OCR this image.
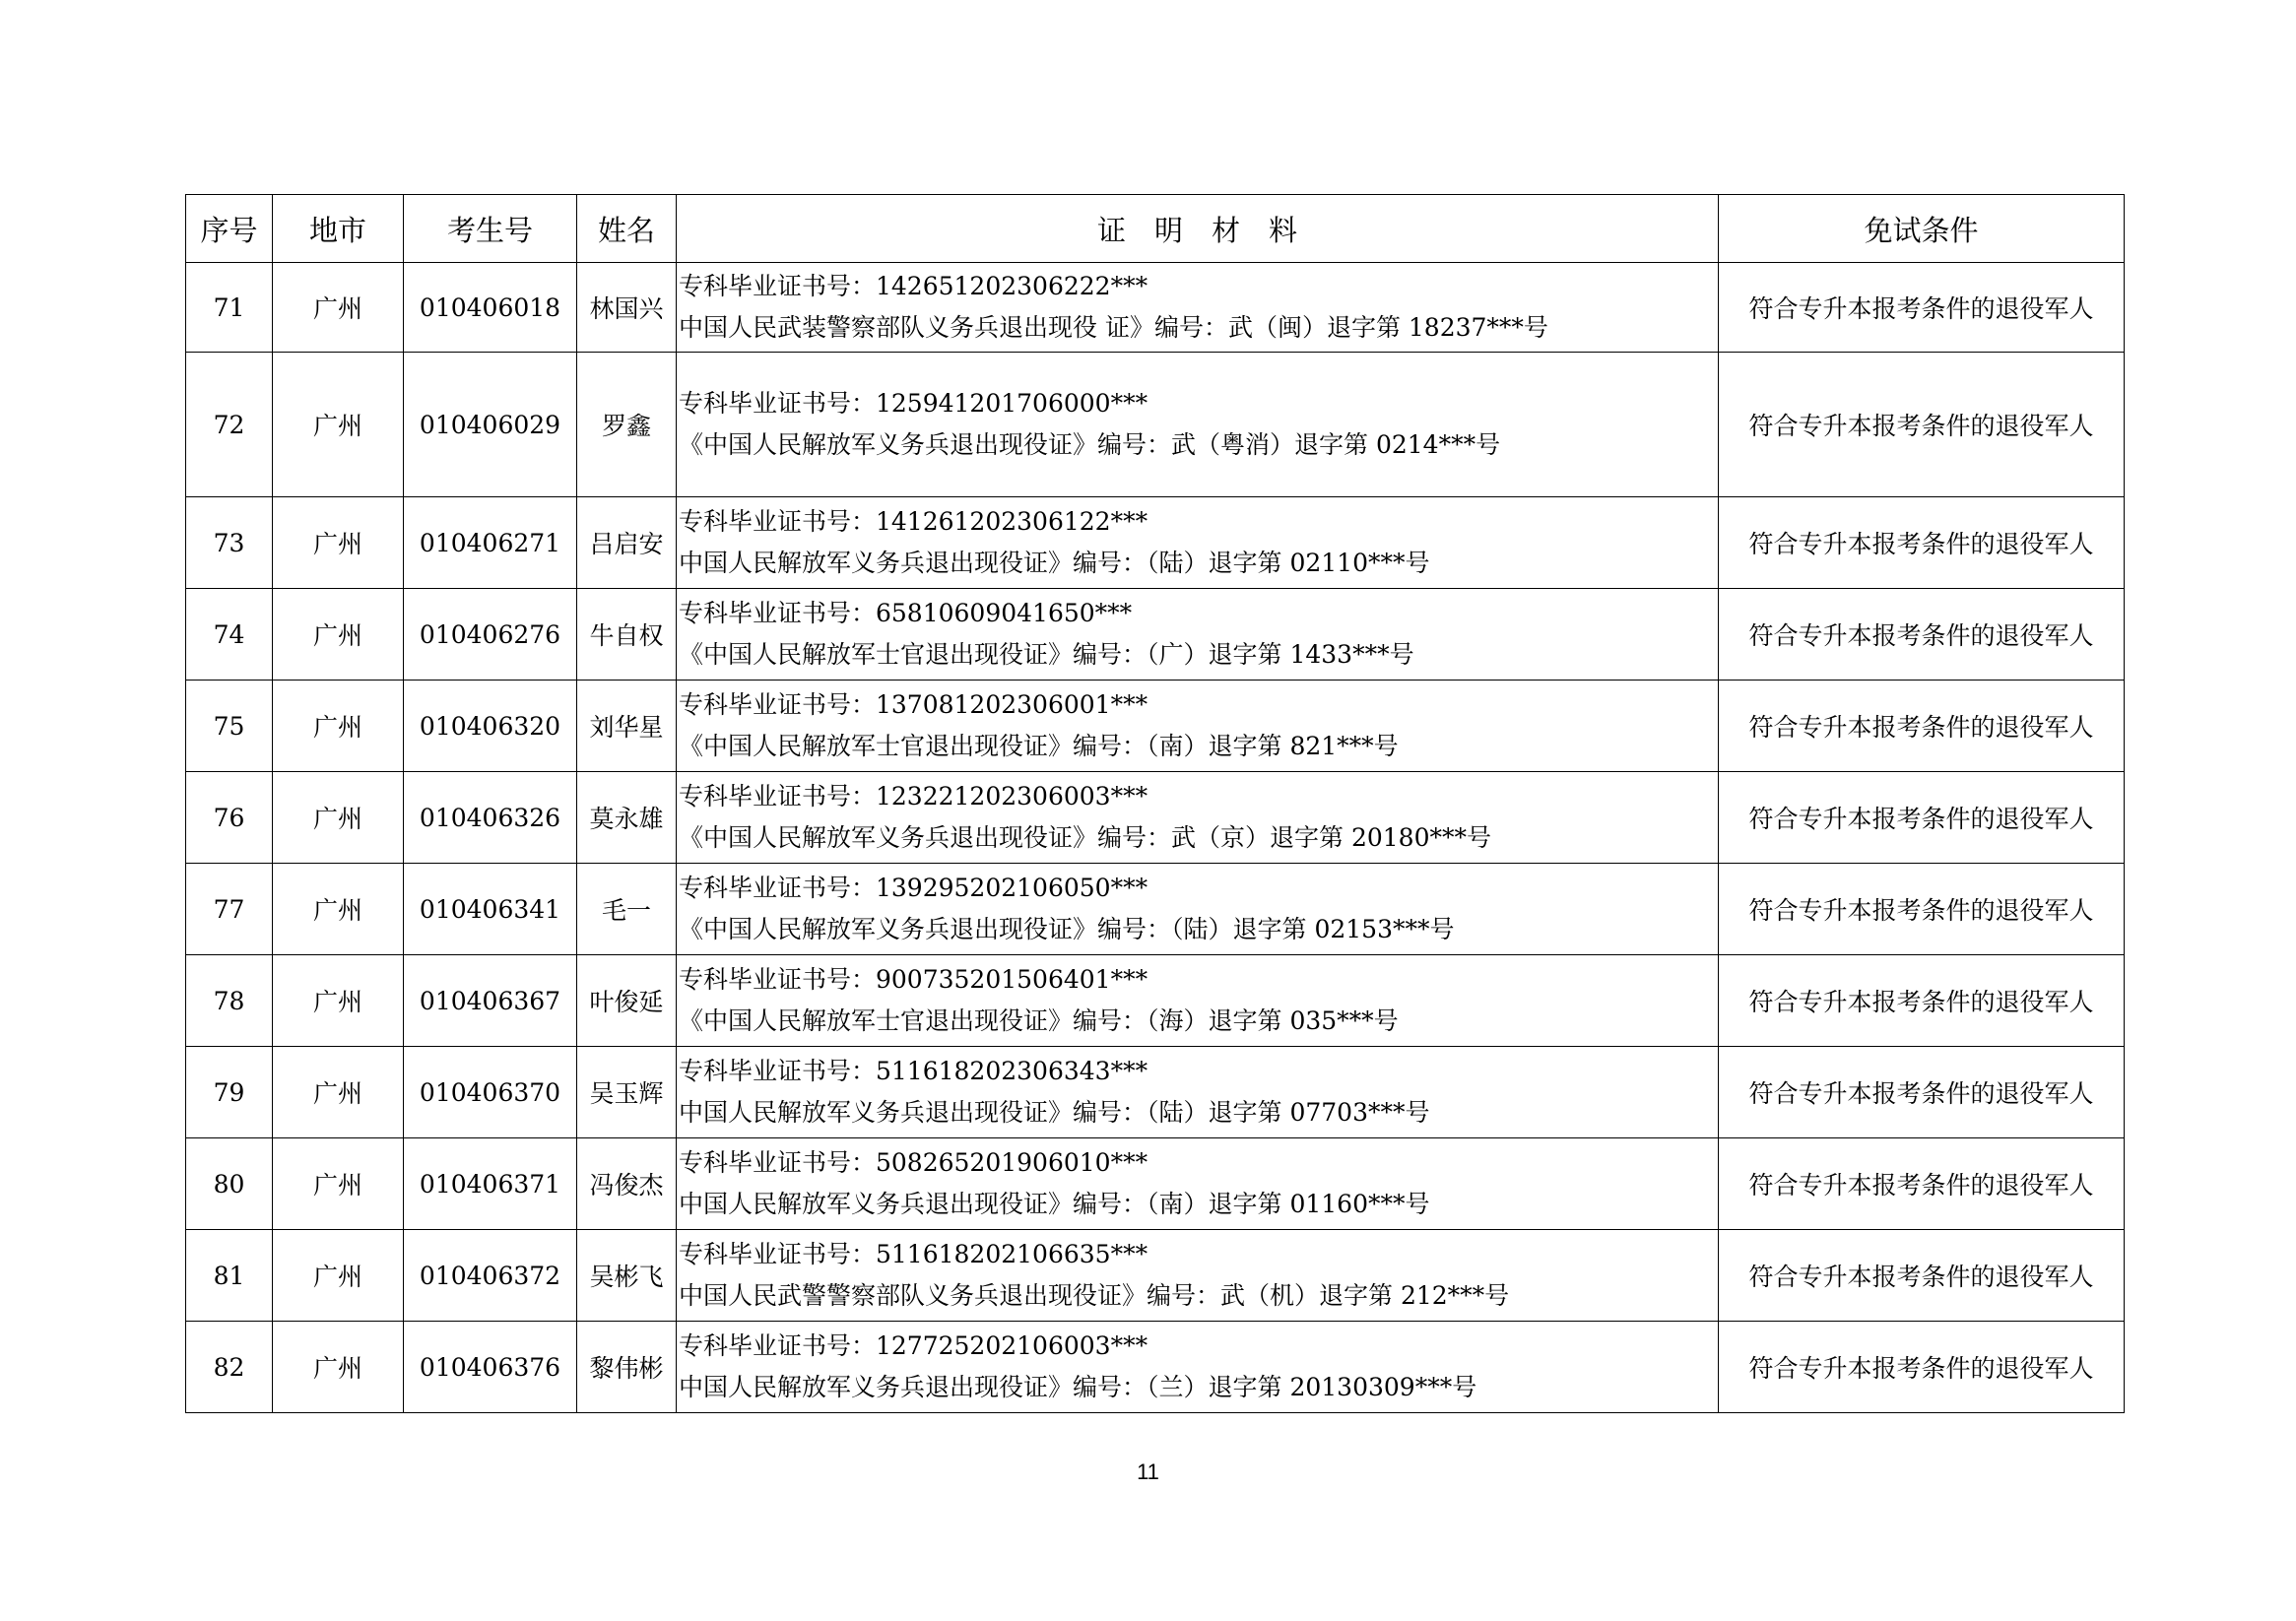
序号	地市	考生号	姓名	证　明　材　料	免试条件
71	广州	010406018	林国兴	专科毕业证书号：142651202306222***
中国人民武装警察部队义务兵退出现役 证》编号：武（闽）退字第 18237***号	符合专升本报考条件的退役军人
72	广州	010406029	罗鑫	专科毕业证书号：125941201706000***
《中国人民解放军义务兵退出现役证》编号：武（粤消）退字第 0214***号	符合专升本报考条件的退役军人
73	广州	010406271	吕启安	专科毕业证书号：141261202306122***
中国人民解放军义务兵退出现役证》编号：（陆）退字第 02110***号	符合专升本报考条件的退役军人
74	广州	010406276	牛自权	专科毕业证书号：65810609041650***
《中国人民解放军士官退出现役证》编号：（广）退字第 1433***号	符合专升本报考条件的退役军人
75	广州	010406320	刘华星	专科毕业证书号：137081202306001***
《中国人民解放军士官退出现役证》编号：（南）退字第 821***号	符合专升本报考条件的退役军人
76	广州	010406326	莫永雄	专科毕业证书号：123221202306003***
《中国人民解放军义务兵退出现役证》编号：武（京）退字第 20180***号	符合专升本报考条件的退役军人
77	广州	010406341	毛一	专科毕业证书号：139295202106050***
《中国人民解放军义务兵退出现役证》编号：（陆）退字第 02153***号	符合专升本报考条件的退役军人
78	广州	010406367	叶俊延	专科毕业证书号：900735201506401***
《中国人民解放军士官退出现役证》编号：（海）退字第 035***号	符合专升本报考条件的退役军人
79	广州	010406370	吴玉辉	专科毕业证书号：511618202306343***
中国人民解放军义务兵退出现役证》编号：（陆）退字第 07703***号	符合专升本报考条件的退役军人
80	广州	010406371	冯俊杰	专科毕业证书号：508265201906010***
中国人民解放军义务兵退出现役证》编号：（南）退字第 01160***号	符合专升本报考条件的退役军人
81	广州	010406372	吴彬飞	专科毕业证书号：511618202106635***
中国人民武警警察部队义务兵退出现役证》编号：武（机）退字第 212***号	符合专升本报考条件的退役军人
82	广州	010406376	黎伟彬	专科毕业证书号：127725202106003***
中国人民解放军义务兵退出现役证》编号：（兰）退字第 20130309***号	符合专升本报考条件的退役军人
11
